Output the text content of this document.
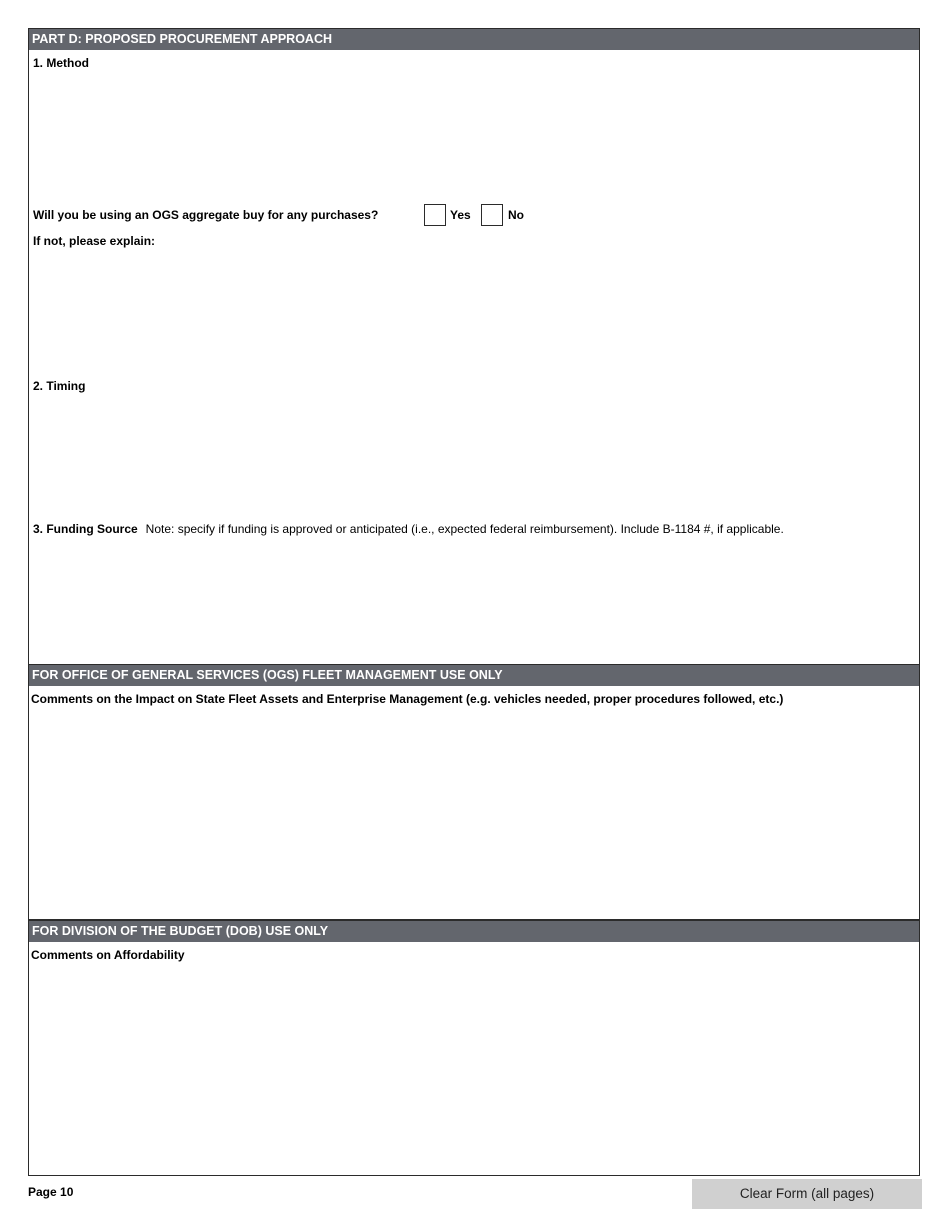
PART D: PROPOSED PROCUREMENT APPROACH
1. Method
Will you be using an OGS aggregate buy for any purchases?	Yes	No
If not, please explain:
2. Timing
3. Funding Source Note: specify if funding is approved or anticipated (i.e., expected federal reimbursement). Include B-1184 #, if applicable.
FOR OFFICE OF GENERAL SERVICES (OGS) FLEET MANAGEMENT USE ONLY
Comments on the Impact on State Fleet Assets and Enterprise Management (e.g. vehicles needed, proper procedures followed, etc.)
FOR DIVISION OF THE BUDGET (DOB) USE ONLY
Comments on Affordability
Page 10	Clear Form (all pages)
